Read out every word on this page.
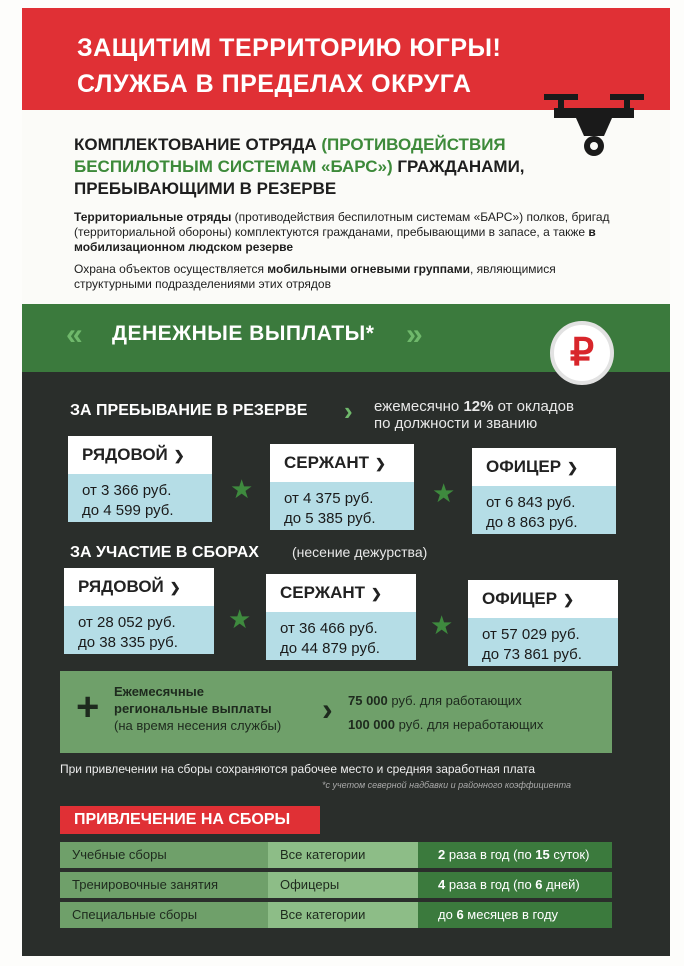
ЗАЩИТИМ ТЕРРИТОРИЮ ЮГРЫ!
СЛУЖБА В ПРЕДЕЛАХ ОКРУГА
КОМПЛЕКТОВАНИЕ ОТРЯДА (ПРОТИВОДЕЙСТВИЯ БЕСПИЛОТНЫМ СИСТЕМАМ «БАРС») ГРАЖДАНАМИ, ПРЕБЫВАЮЩИМИ В РЕЗЕРВЕ
Территориальные отряды (противодействия беспилотным системам «БАРС») полков, бригад (территориальной обороны) комплектуются гражданами, пребывающими в запасе, а также в мобилизационном людском резерве
Охрана объектов осуществляется мобильными огневыми группами, являющимися структурными подразделениями этих отрядов
« ДЕНЕЖНЫЕ ВЫПЛАТЫ* »	₽
ЗА ПРЕБЫВАНИЕ В РЕЗЕРВЕ › ежемесячно 12% от окладов
по должности и званию
РЯДОВОЙ ❯
от 3 366 руб.
до 4 599 руб.
★
СЕРЖАНТ ❯
от 4 375 руб.
до 5 385 руб.
★
ОФИЦЕР ❯
от 6 843 руб.
до 8 863 руб.
ЗА УЧАСТИЕ В СБОРАХ (несение дежурства)
РЯДОВОЙ ❯
от 28 052 руб.
до 38 335 руб.
★
СЕРЖАНТ ❯
от 36 466 руб.
до 44 879 руб.
★
ОФИЦЕР ❯
от 57 029 руб.
до 73 861 руб.
+ Ежемесячные
региональные выплаты
(на время несения службы) › 75 000 руб. для работающих
100 000 руб. для неработающих
При привлечении на сборы сохраняются рабочее место и средняя заработная плата
*с учетом северной надбавки и районного коэффициента
ПРИВЛЕЧЕНИЕ НА СБОРЫ
Учебные сборы	Все категории	2 раза в год (по 15 суток)
Тренировочные занятия	Офицеры	4 раза в год (по 6 дней)
Специальные сборы	Все категории	до 6 месяцев в году
